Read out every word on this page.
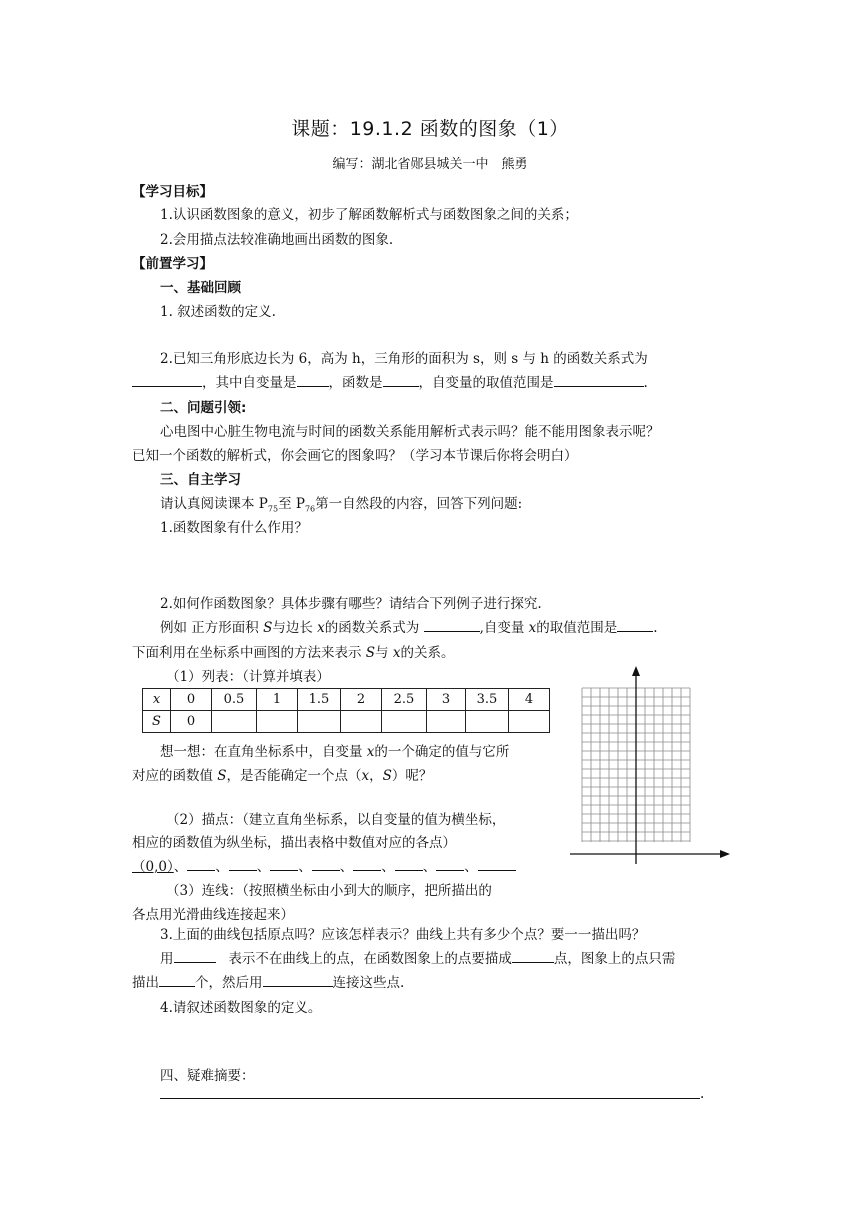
课题：19.1.2 函数的图象（1）
编写：湖北省郧县城关一中　熊勇
【学习目标】
1.认识函数图象的意义，初步了解函数解析式与函数图象之间的关系；
2.会用描点法较准确地画出函数的图象.
【前置学习】
一、基础回顾
1. 叙述函数的定义.
2.已知三角形底边长为 6，高为 h，三角形的面积为 s，则 s 与 h 的函数关系式为
，其中自变量是 ，函数是	，自变量的取值范围是	.
二、问题引领:
心电图中心脏生物电流与时间的函数关系能用解析式表示吗？能不能用图象表示呢？
已知一个函数的解析式，你会画它的图象吗？（学习本节课后你将会明白）
三、自主学习
请认真阅读课本 $P_{75}$至 $P_{76}$第一自然段的内容，回答下列问题:
1.函数图象有什么作用？
2.如何作函数图象？具体步骤有哪些？请结合下列例子进行探究.
例如 正方形面积 S与边长 x的函数关系式为	,自变量 x的取值范围是	.
下面利用在坐标系中画图的方法来表示 S与 x的关系。
（1）列表：（计算并填表）
x	0	0.5	1	1.5	2	2.5	3	3.5	4
S	0								
想一想：在直角坐标系中，自变量 x的一个确定的值与它所
对应的函数值 S，是否能确定一个点（x，S）呢？
（2）描点：（建立直角坐标系，以自变量的值为横坐标，
相应的函数值为纵坐标，描出表格中数值对应的各点）
（0,0）、 、 、 、 、 、 、 、
（3）连线：（按照横坐标由小到大的顺序，把所描出的
各点用光滑曲线连接起来）
3.上面的曲线包括原点吗？应该怎样表示？曲线上共有多少个点？要一一描出吗？
用	表示不在曲线上的点，在函数图象上的点要描成	点，图象上的点只需
描出	个，然后用	连接这些点.
4.请叙述函数图象的定义。
四、疑难摘要：
.
